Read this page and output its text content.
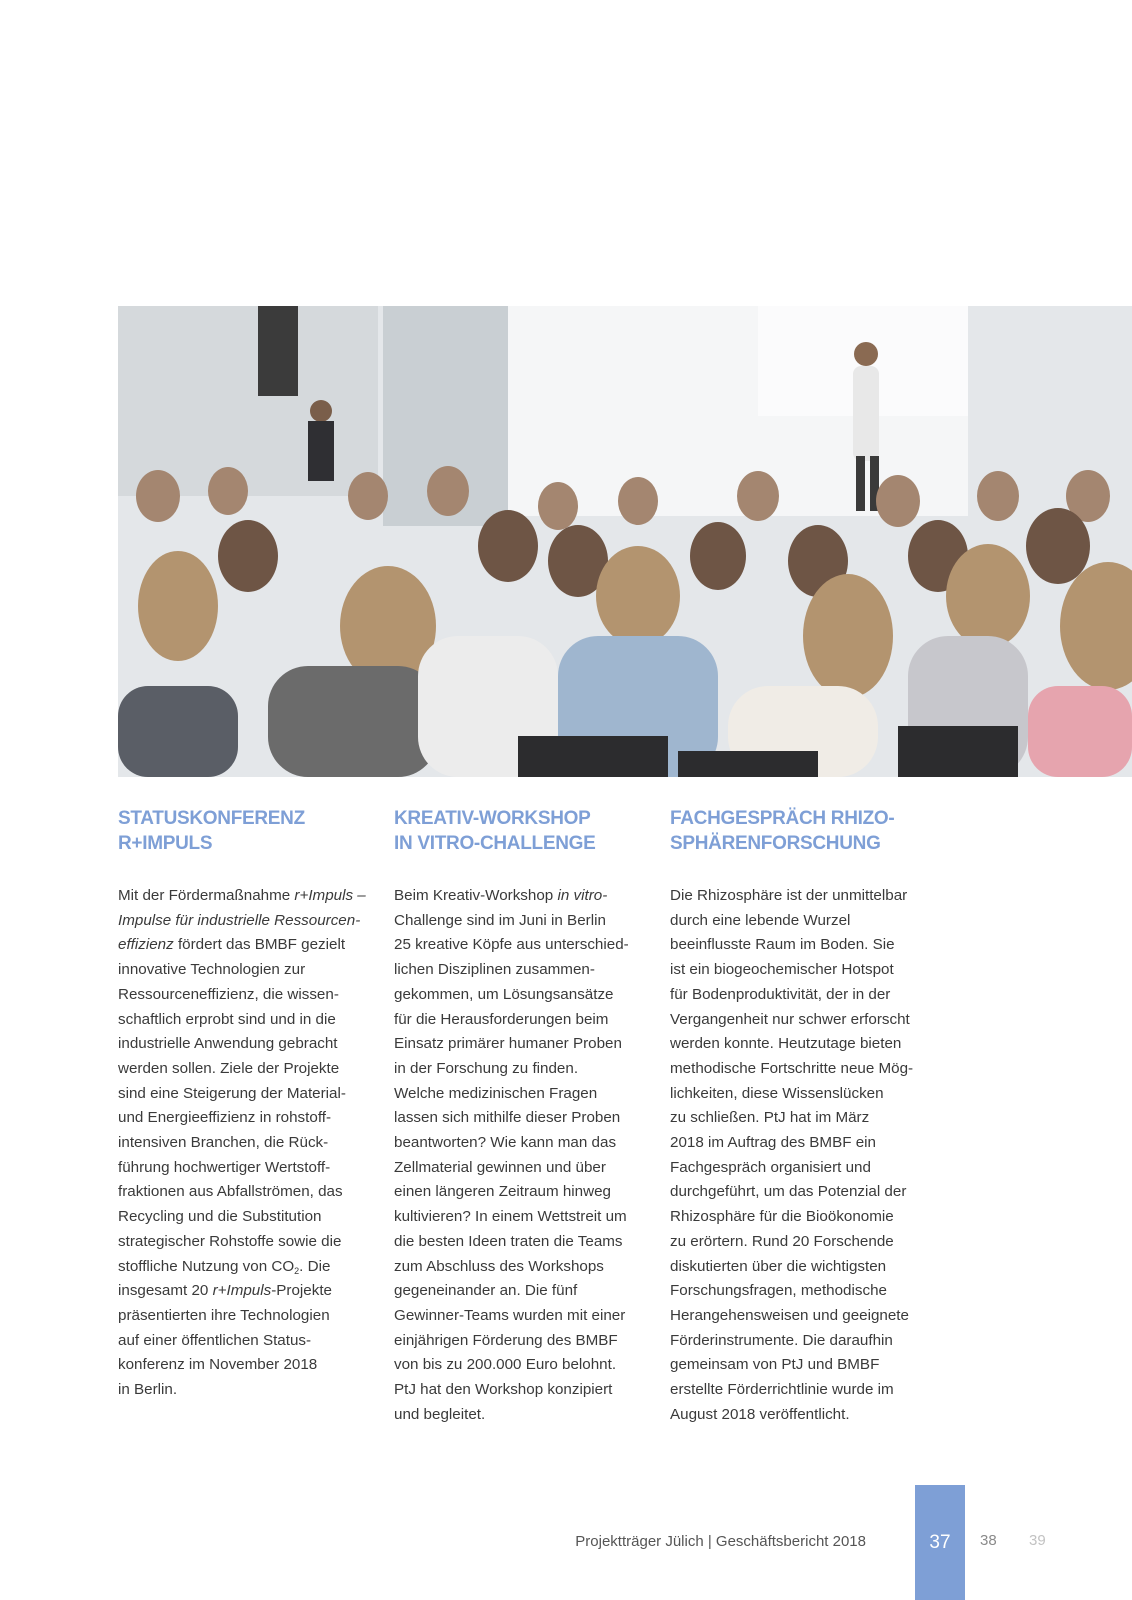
STATUSKONFERENZ
R+IMPULS

Mit der Fördermaßnahme r+Impuls –
Impulse für industrielle Ressourcen-
effizienz fördert das BMBF gezielt
innovative Technologien zur
Ressourceneffizienz, die wissen-
schaftlich erprobt sind und in die
industrielle Anwendung gebracht
werden sollen. Ziele der Projekte
sind eine Steigerung der Material-
und Energieeffizienz in rohstoff-
intensiven Branchen, die Rück-
führung hochwertiger Wertstoff-
fraktionen aus Abfallströmen, das
Recycling und die Substitution
strategischer Rohstoffe sowie die
stoffliche Nutzung von $CO_2$. Die
insgesamt 20 r+Impuls-Projekte
präsentierten ihre Technologien
auf einer öffentlichen Status-
konferenz im November 2018
in Berlin.

KREATIV-WORKSHOP
IN VITRO-CHALLENGE

Beim Kreativ-Workshop in vitro-
Challenge sind im Juni in Berlin
25 kreative Köpfe aus unterschied-
lichen Disziplinen zusammen-
gekommen, um Lösungsansätze
für die Herausforderungen beim
Einsatz primärer humaner Proben
in der Forschung zu finden.
Welche medizinischen Fragen
lassen sich mithilfe dieser Proben
beantworten? Wie kann man das
Zellmaterial gewinnen und über
einen längeren Zeitraum hinweg
kultivieren? In einem Wettstreit um
die besten Ideen traten die Teams
zum Abschluss des Workshops
gegeneinander an. Die fünf
Gewinner-Teams wurden mit einer
einjährigen Förderung des BMBF
von bis zu 200.000 Euro belohnt.
PtJ hat den Workshop konzipiert
und begleitet.

FACHGESPRÄCH RHIZO-
SPHÄRENFORSCHUNG

Die Rhizosphäre ist der unmittelbar
durch eine lebende Wurzel
beeinflusste Raum im Boden. Sie
ist ein biogeochemischer Hotspot
für Bodenproduktivität, der in der
Vergangenheit nur schwer erforscht
werden konnte. Heutzutage bieten
methodische Fortschritte neue Mög-
lichkeiten, diese Wissenslücken
zu schließen. PtJ hat im März
2018 im Auftrag des BMBF ein
Fachgespräch organisiert und
durchgeführt, um das Potenzial der
Rhizosphäre für die Bioökonomie
zu erörtern. Rund 20 Forschende
diskutierten über die wichtigsten
Forschungsfragen, methodische
Herangehensweisen und geeignete
Förderinstrumente. Die daraufhin
gemeinsam von PtJ und BMBF
erstellte Förderrichtlinie wurde im
August 2018 veröffentlicht.

Projektträger Jülich | Geschäftsbericht 2018	37	38 39
